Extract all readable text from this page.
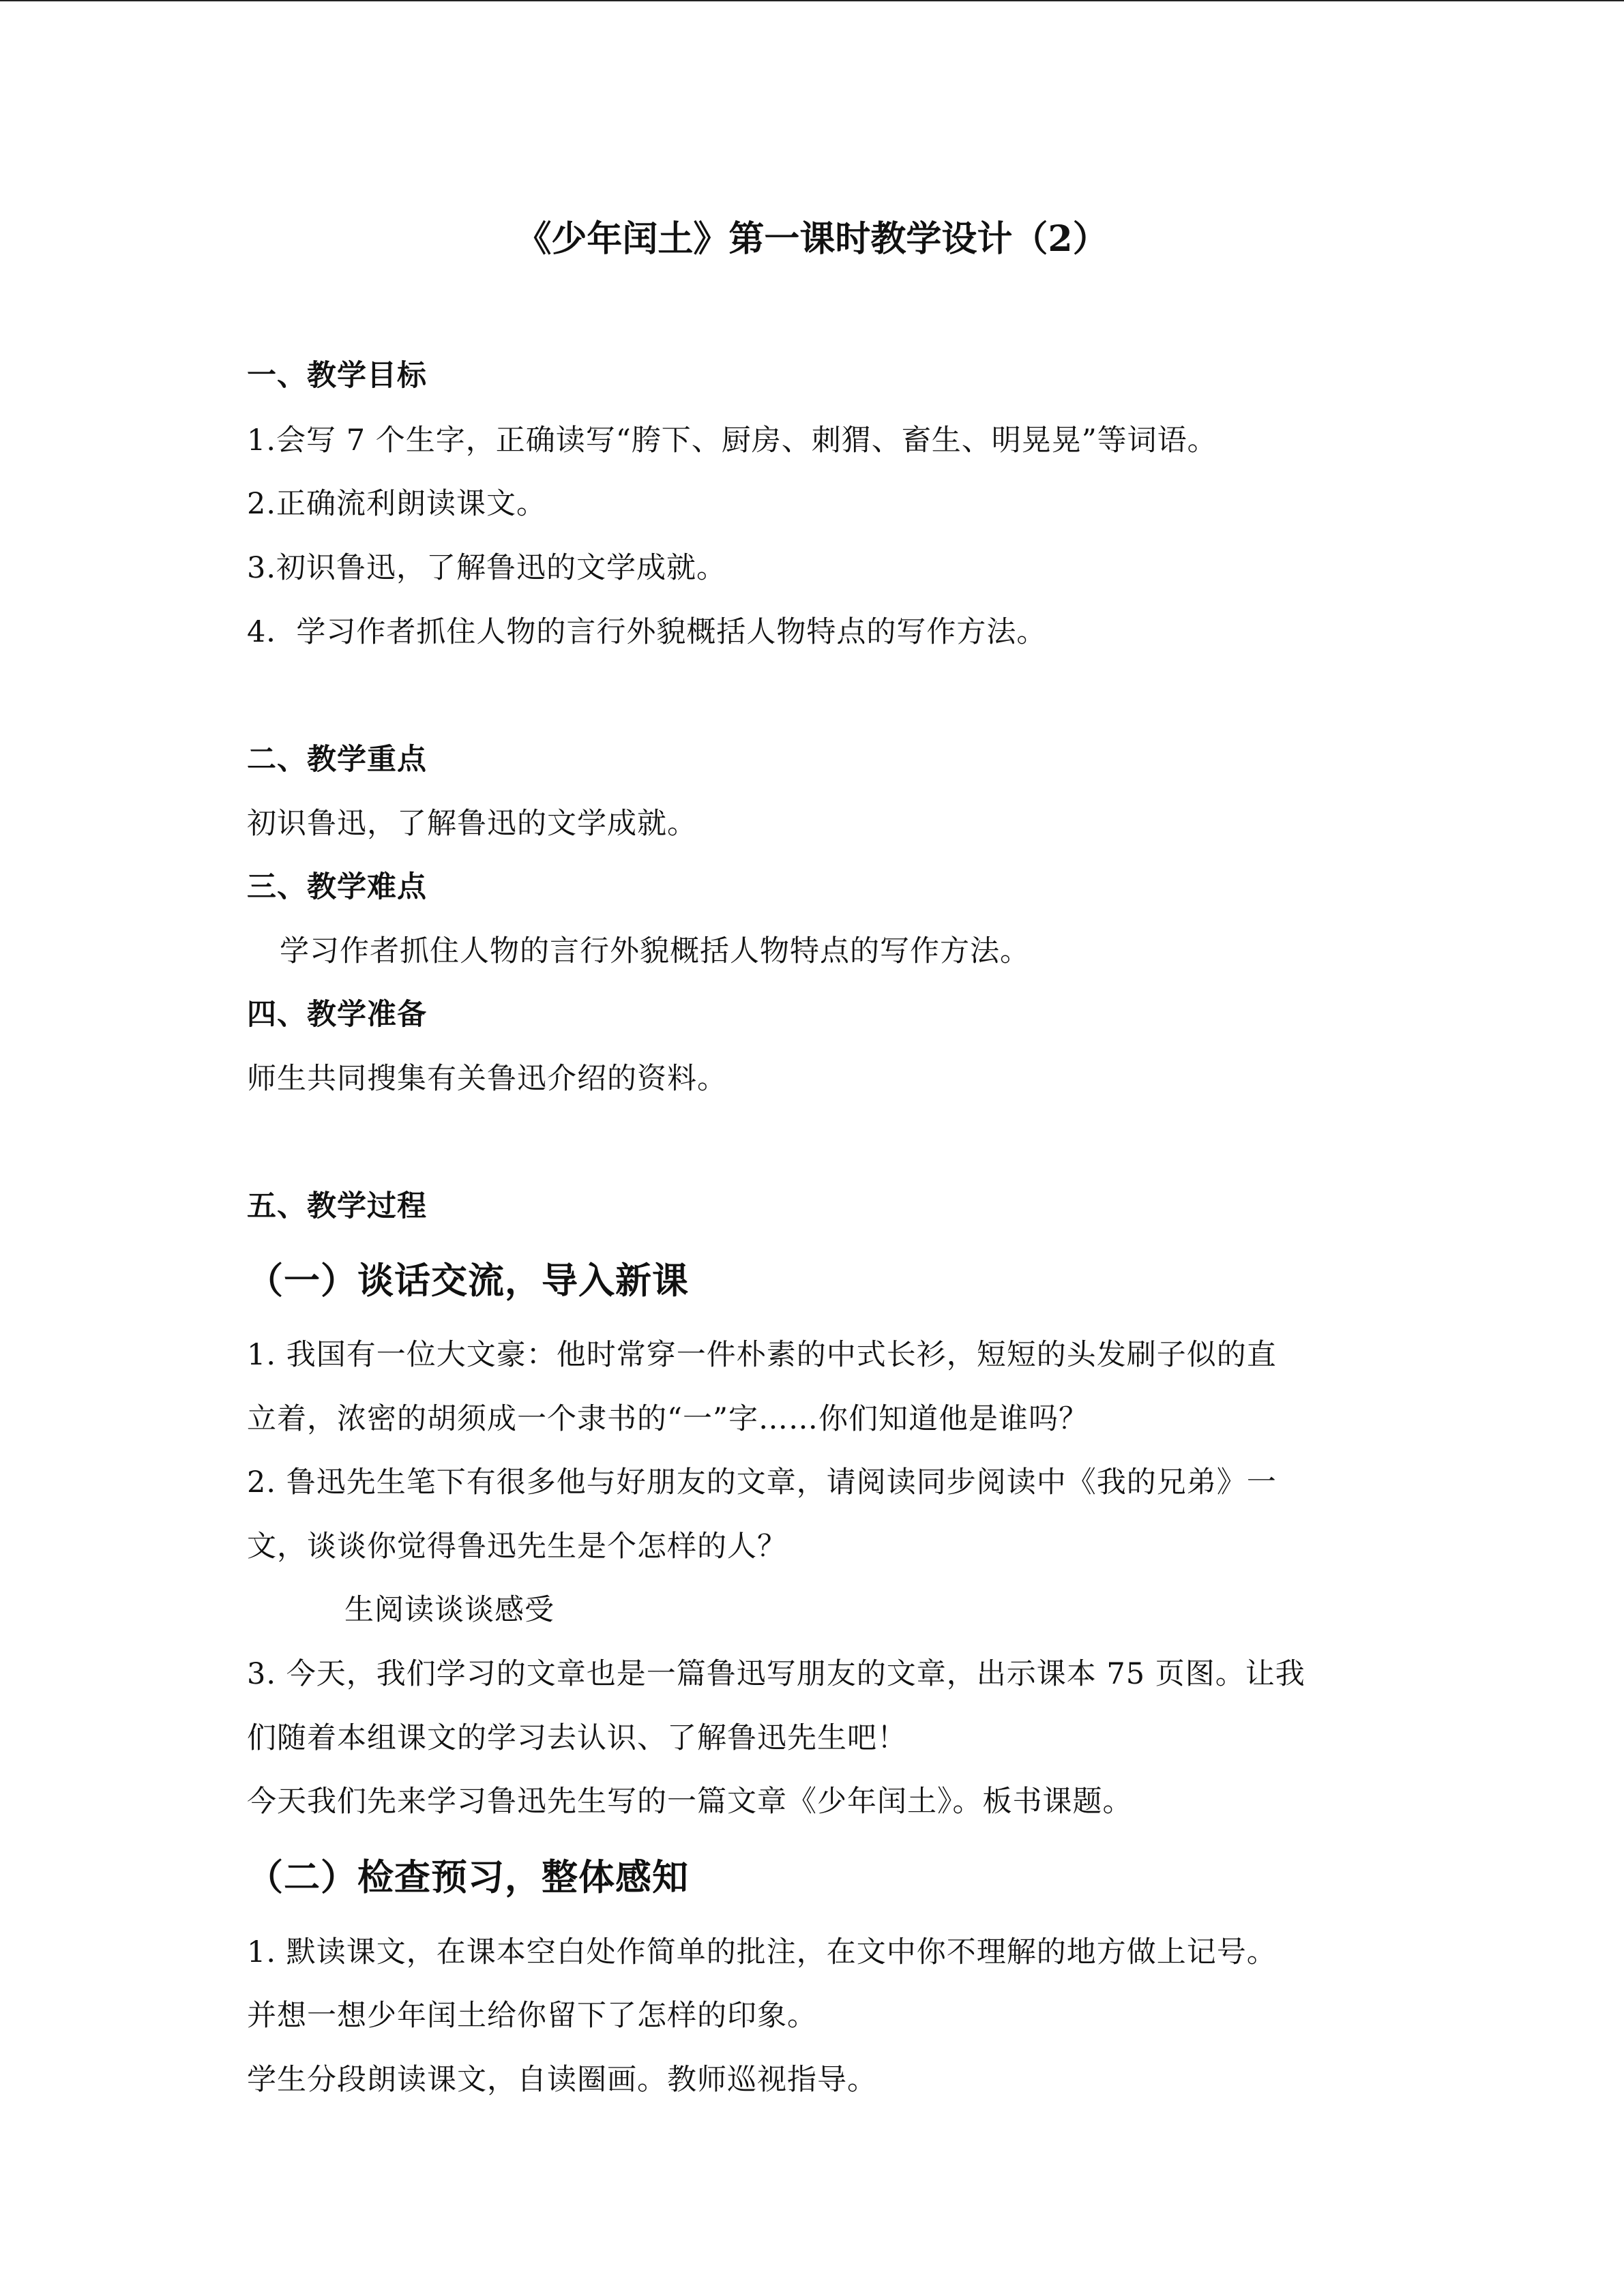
《少年闰土》第一课时教学设计（2）
一、教学目标
1.会写 7 个生字，正确读写“胯下、厨房、刺猬、畜生、明晃晃”等词语。
2.正确流利朗读课文。
3.初识鲁迅，了解鲁迅的文学成就。
4．学习作者抓住人物的言行外貌概括人物特点的写作方法。
二、教学重点
初识鲁迅，了解鲁迅的文学成就。
三、教学难点
学习作者抓住人物的言行外貌概括人物特点的写作方法。
四、教学准备
师生共同搜集有关鲁迅介绍的资料。
五、教学过程
（一）谈话交流，导入新课
1. 我国有一位大文豪：他时常穿一件朴素的中式长衫，短短的头发刷子似的直
立着，浓密的胡须成一个隶书的“一”字……你们知道他是谁吗？
2. 鲁迅先生笔下有很多他与好朋友的文章，请阅读同步阅读中《我的兄弟》一
文，谈谈你觉得鲁迅先生是个怎样的人？
生阅读谈谈感受
3. 今天，我们学习的文章也是一篇鲁迅写朋友的文章，出示课本 75 页图。让我
们随着本组课文的学习去认识、了解鲁迅先生吧！
今天我们先来学习鲁迅先生写的一篇文章《少年闰土》。板书课题。
（二）检查预习，整体感知
1. 默读课文，在课本空白处作简单的批注，在文中你不理解的地方做上记号。
并想一想少年闰土给你留下了怎样的印象。
学生分段朗读课文，自读圈画。教师巡视指导。
